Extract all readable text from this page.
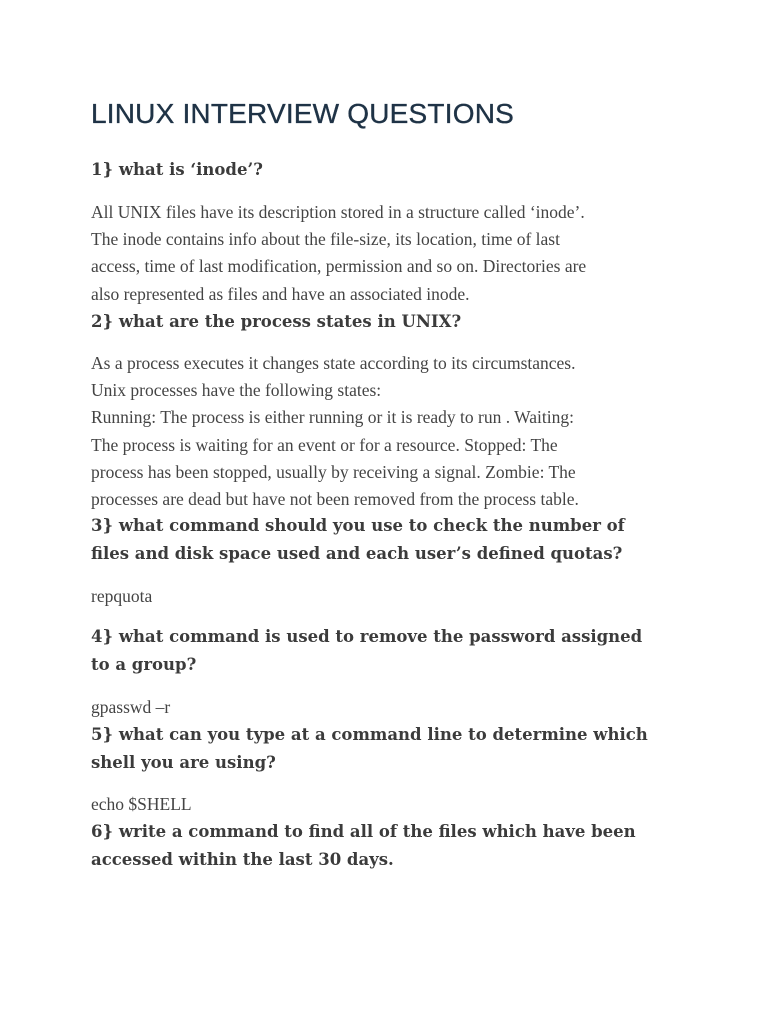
LINUX INTERVIEW QUESTIONS

1} what is ‘inode’?

All UNIX files have its description stored in a structure called ‘inode’.
The inode contains info about the file-size, its location, time of last
access, time of last modification, permission and so on. Directories are
also represented as files and have an associated inode.

2} what are the process states in UNIX?

As a process executes it changes state according to its circumstances.
Unix processes have the following states:
Running: The process is either running or it is ready to run . Waiting:
The process is waiting for an event or for a resource. Stopped: The
process has been stopped, usually by receiving a signal. Zombie: The
processes are dead but have not been removed from the process table.

3} what command should you use to check the number of
files and disk space used and each user’s defined quotas?

repquota

4} what command is used to remove the password assigned
to a group?

gpasswd –r

5} what can you type at a command line to determine which
shell you are using?

echo $SHELL

6} write a command to find all of the files which have been
accessed within the last 30 days.
